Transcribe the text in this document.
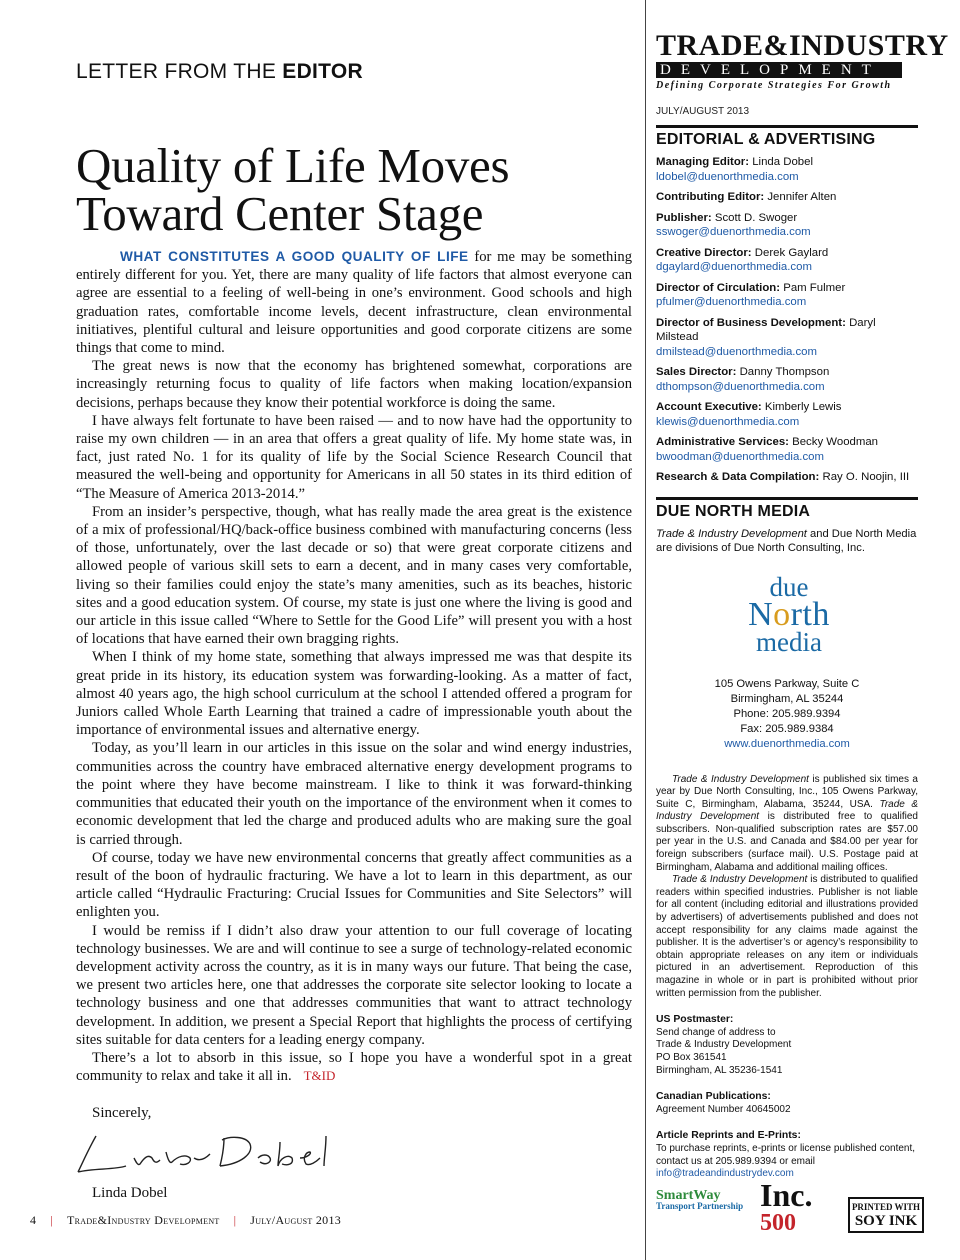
LETTER FROM THE EDITOR
Quality of Life Moves
Toward Center Stage

WHAT CONSTITUTES A GOOD QUALITY OF LIFE for me may be something entirely different for you. Yet, there are many quality of life factors that almost everyone can agree are essential to a feeling of well-being in one’s environment. Good schools and high graduation rates, comfortable income levels, decent infrastructure, clean environmental initiatives, plentiful cultural and leisure opportunities and good corporate citizens are some things that come to mind.

The great news is now that the economy has brightened somewhat, corporations are increasingly returning focus to quality of life factors when making location/expansion decisions, perhaps because they know their potential workforce is doing the same.

I have always felt fortunate to have been raised — and to now have had the opportunity to raise my own children — in an area that offers a great quality of life. My home state was, in fact, just rated No. 1 for its quality of life by the Social Science Research Council that measured the well-being and opportunity for Americans in all 50 states in its third edition of “The Measure of America 2013-2014.”

From an insider’s perspective, though, what has really made the area great is the existence of a mix of professional/HQ/back-office business combined with manufacturing concerns (less of those, unfortunately, over the last decade or so) that were great corporate citizens and allowed people of various skill sets to earn a decent, and in many cases very comfortable, living so their families could enjoy the state’s many amenities, such as its beaches, historic sites and a good education system. Of course, my state is just one where the living is good and our article in this issue called “Where to Settle for the Good Life” will present you with a host of locations that have earned their own bragging rights.

When I think of my home state, something that always impressed me was that despite its great pride in its history, its education system was forwarding-looking. As a matter of fact, almost 40 years ago, the high school curriculum at the school I attended offered a program for Juniors called Whole Earth Learning that trained a cadre of impressionable youth about the importance of environmental issues and alternative energy.

Today, as you’ll learn in our articles in this issue on the solar and wind energy industries, communities across the country have embraced alternative energy development programs to the point where they have become mainstream. I like to think it was forward-thinking communities that educated their youth on the importance of the environment when it comes to economic development that led the charge and produced adults who are making sure the goal is carried through.

Of course, today we have new environmental concerns that greatly affect communities as a result of the boon of hydraulic fracturing. We have a lot to learn in this department, as our article called “Hydraulic Fracturing: Crucial Issues for Communities and Site Selectors” will enlighten you.

I would be remiss if I didn’t also draw your attention to our full coverage of locating technology businesses. We are and will continue to see a surge of technology-related economic development activity across the country, as it is in many ways our future. That being the case, we present two articles here, one that addresses the corporate site selector looking to locate a technology business and one that addresses communities that want to attract technology development. In addition, we present a Special Report that highlights the process of certifying sites suitable for data centers for a leading energy company.

There’s a lot to absorb in this issue, so I hope you have a wonderful spot in a great community to relax and take it all in. T&ID

Sincerely,
Linda Dobel
4 | Trade&Industry Development | July/August 2013
TRADE&INDUSTRY
DEVELOPMENT
Defining Corporate Strategies For Growth
JULY/AUGUST 2013
EDITORIAL & ADVERTISING
Managing Editor: Linda Dobel
ldobel@duenorthmedia.com
Contributing Editor: Jennifer Alten
Publisher: Scott D. Swoger
sswoger@duenorthmedia.com
Creative Director: Derek Gaylard
dgaylard@duenorthmedia.com
Director of Circulation: Pam Fulmer
pfulmer@duenorthmedia.com
Director of Business Development: Daryl Milstead
dmilstead@duenorthmedia.com
Sales Director: Danny Thompson
dthompson@duenorthmedia.com
Account Executive: Kimberly Lewis
klewis@duenorthmedia.com
Administrative Services: Becky Woodman
bwoodman@duenorthmedia.com
Research & Data Compilation: Ray O. Noojin, III
DUE NORTH MEDIA
Trade & Industry Development and Due North Media are divisions of Due North Consulting, Inc.
due
North
media
105 Owens Parkway, Suite C
Birmingham, AL 35244
Phone: 205.989.9394
Fax: 205.989.9384
www.duenorthmedia.com

Trade & Industry Development is published six times a year by Due North Consulting, Inc., 105 Owens Parkway, Suite C, Birmingham, Alabama, 35244, USA. Trade & Industry Development is distributed free to qualified subscribers. Non-qualified subscription rates are $57.00 per year in the U.S. and Canada and $84.00 per year for foreign subscribers (surface mail). U.S. Postage paid at Birmingham, Alabama and additional mailing offices.

Trade & Industry Development is distributed to qualified readers within specified industries. Publisher is not liable for all content (including editorial and illustrations provided by advertisers) of advertisements published and does not accept responsibility for any claims made against the publisher. It is the advertiser’s or agency’s responsibility to obtain appropriate releases on any item or individuals pictured in an advertisement. Reproduction of this magazine in whole or in part is prohibited without prior written permission from the publisher.

US Postmaster:
Send change of address to
Trade & Industry Development
PO Box 361541
Birmingham, AL 35236-1541
Canadian Publications:
Agreement Number 40645002
Article Reprints and E-Prints:
To purchase reprints, e-prints or license published content, contact us at 205.989.9394 or email info@tradeandindustrydev.com
SmartWay
Transport Partnership Inc.
500
PRINTED WITH
SOY INK
